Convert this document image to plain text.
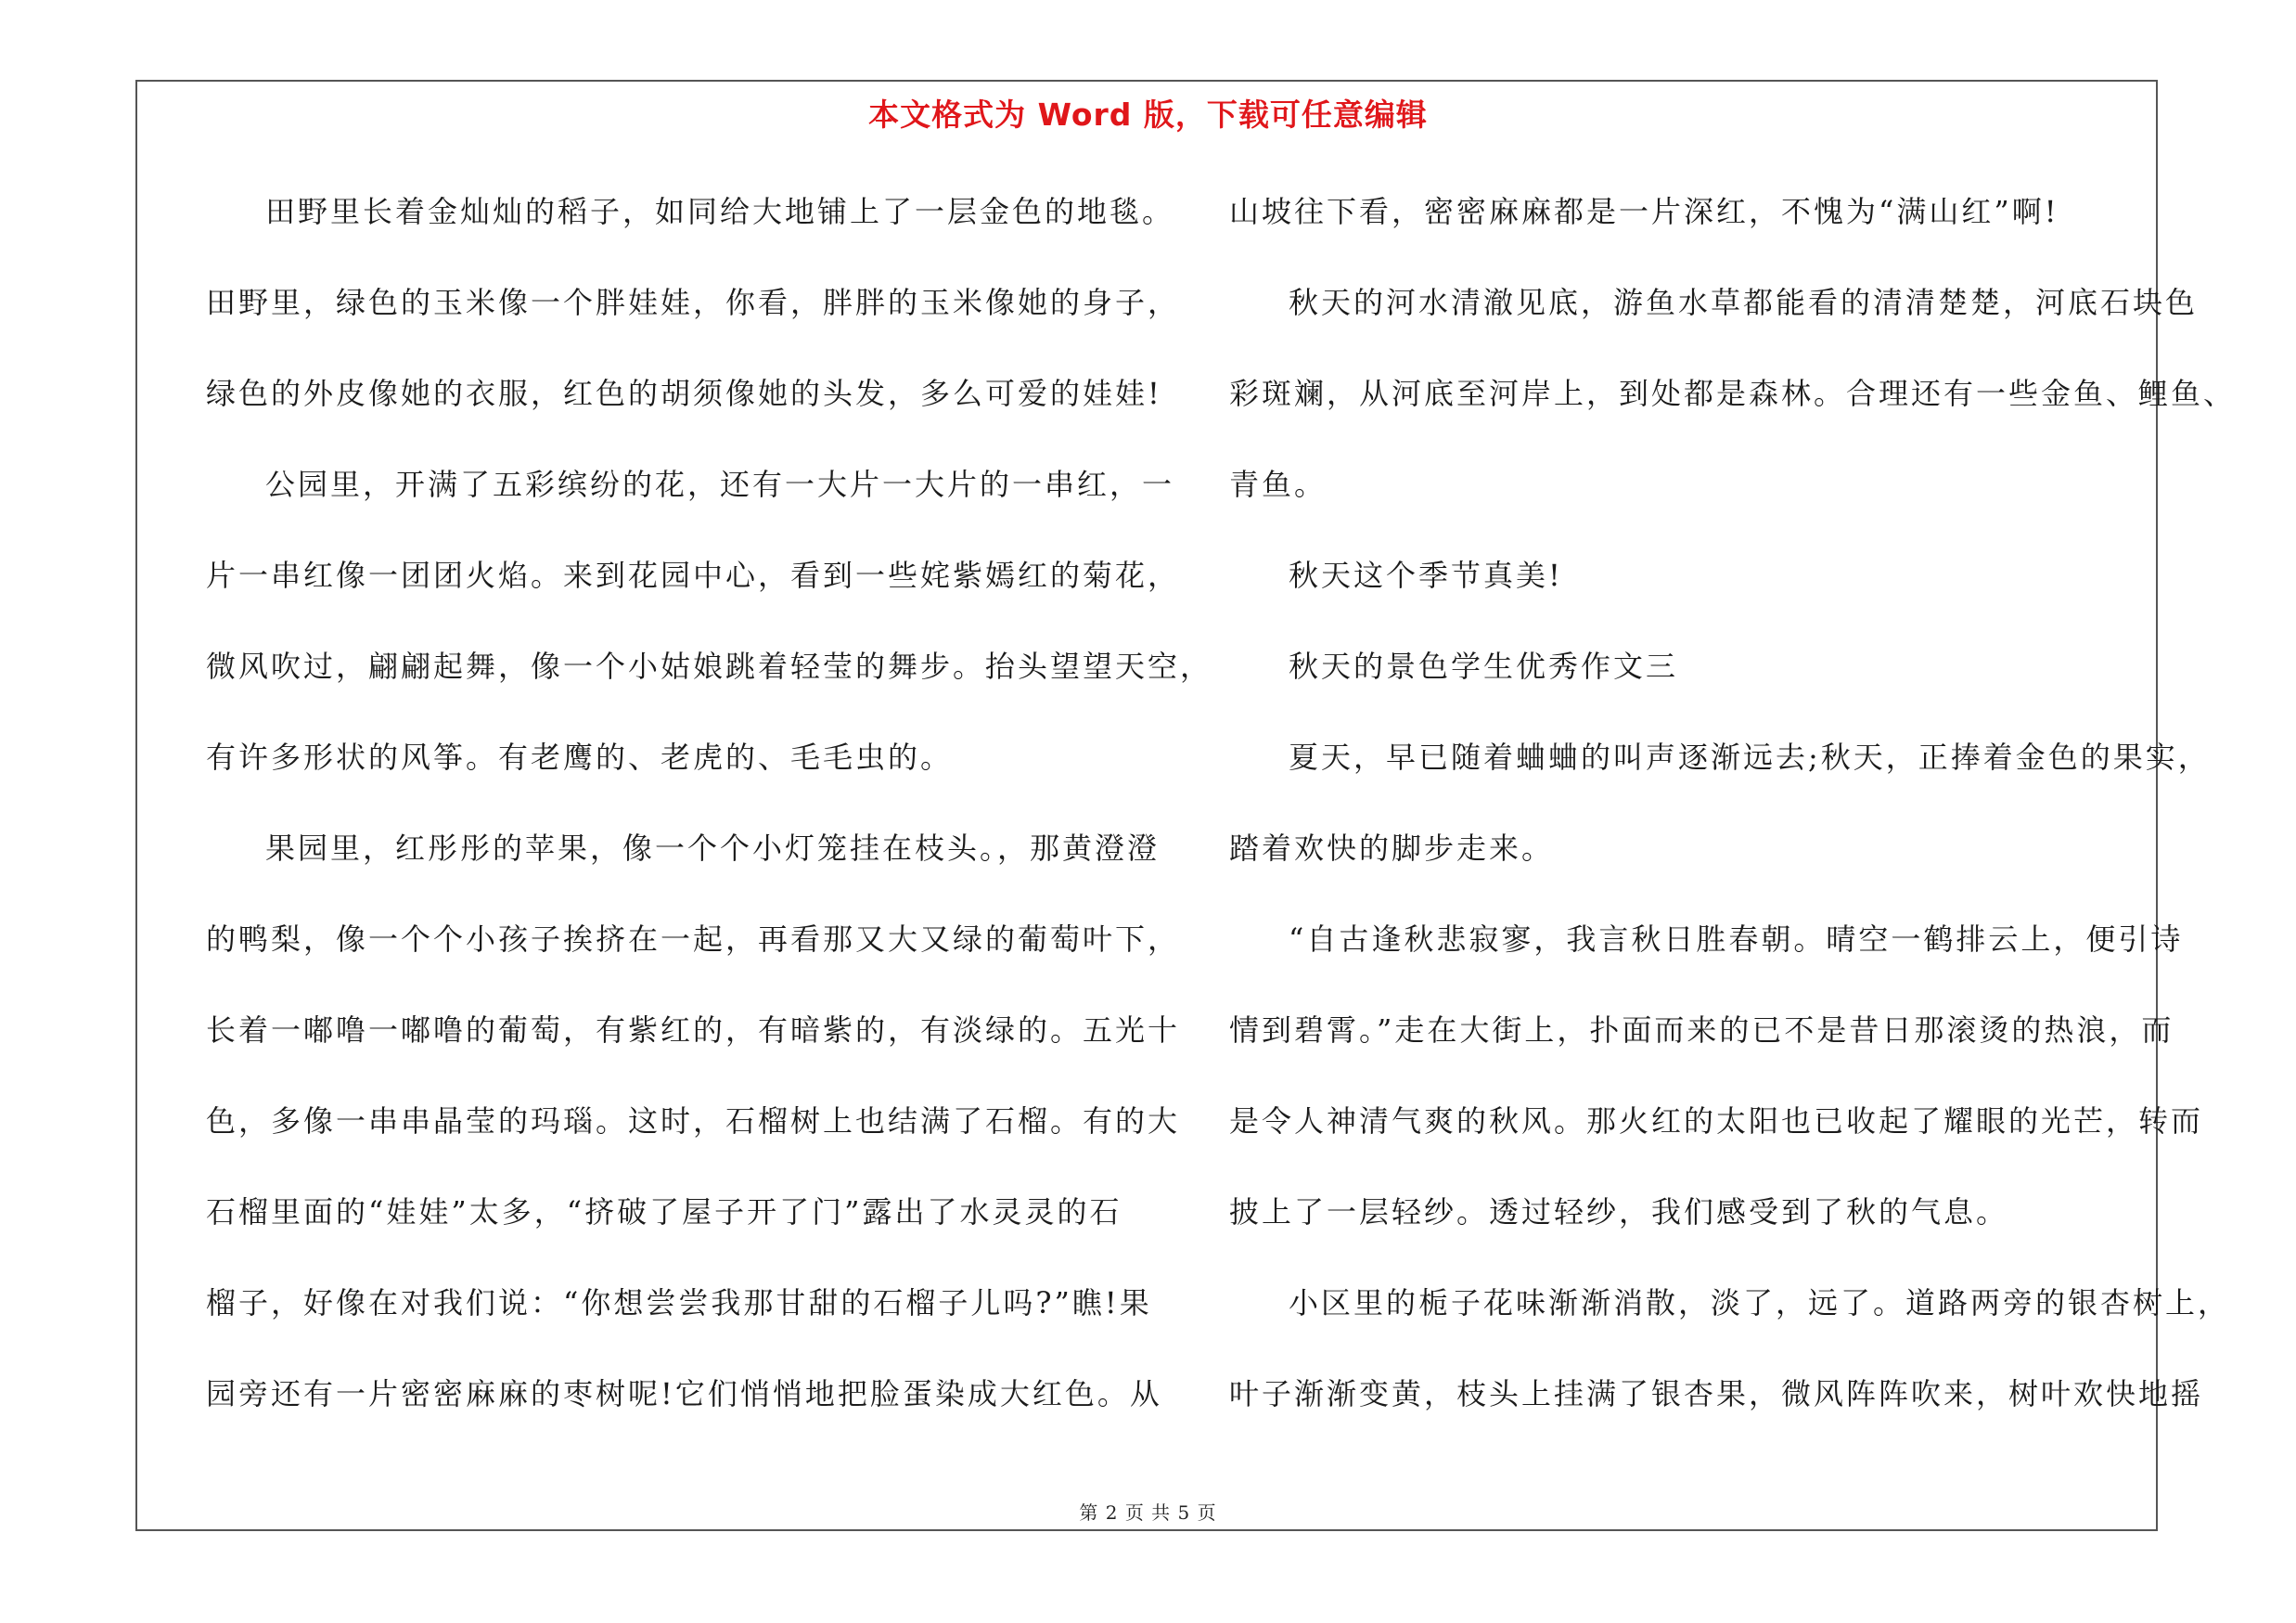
本文格式为 Word 版，下载可任意编辑
田野里长着金灿灿的稻子，如同给大地铺上了一层金色的地毯。
田野里，绿色的玉米像一个胖娃娃，你看，胖胖的玉米像她的身子，
绿色的外皮像她的衣服，红色的胡须像她的头发，多么可爱的娃娃!
公园里，开满了五彩缤纷的花，还有一大片一大片的一串红，一
片一串红像一团团火焰。来到花园中心，看到一些姹紫嫣红的菊花，
微风吹过，翩翩起舞，像一个小姑娘跳着轻莹的舞步。抬头望望天空，
有许多形状的风筝。有老鹰的、老虎的、毛毛虫的。
果园里，红彤彤的苹果，像一个个小灯笼挂在枝头。，那黄澄澄
的鸭梨，像一个个小孩子挨挤在一起，再看那又大又绿的葡萄叶下，
长着一嘟噜一嘟噜的葡萄，有紫红的，有暗紫的，有淡绿的。五光十
色，多像一串串晶莹的玛瑙。这时，石榴树上也结满了石榴。有的大
石榴里面的“娃娃”太多，“挤破了屋子开了门”露出了水灵灵的石
榴子，好像在对我们说：“你想尝尝我那甘甜的石榴子儿吗?”瞧!果
园旁还有一片密密麻麻的枣树呢!它们悄悄地把脸蛋染成大红色。从
山坡往下看，密密麻麻都是一片深红，不愧为“满山红”啊!
秋天的河水清澈见底，游鱼水草都能看的清清楚楚，河底石块色
彩斑斓，从河底至河岸上，到处都是森林。合理还有一些金鱼、鲤鱼、
青鱼。
秋天这个季节真美!
秋天的景色学生优秀作文三
夏天，早已随着蛐蛐的叫声逐渐远去;秋天，正捧着金色的果实，
踏着欢快的脚步走来。
“自古逢秋悲寂寥，我言秋日胜春朝。晴空一鹤排云上，便引诗
情到碧霄。”走在大街上，扑面而来的已不是昔日那滚烫的热浪，而
是令人神清气爽的秋风。那火红的太阳也已收起了耀眼的光芒，转而
披上了一层轻纱。透过轻纱，我们感受到了秋的气息。
小区里的栀子花味渐渐消散，淡了，远了。道路两旁的银杏树上，
叶子渐渐变黄，枝头上挂满了银杏果，微风阵阵吹来，树叶欢快地摇
第 2 页 共 5 页
